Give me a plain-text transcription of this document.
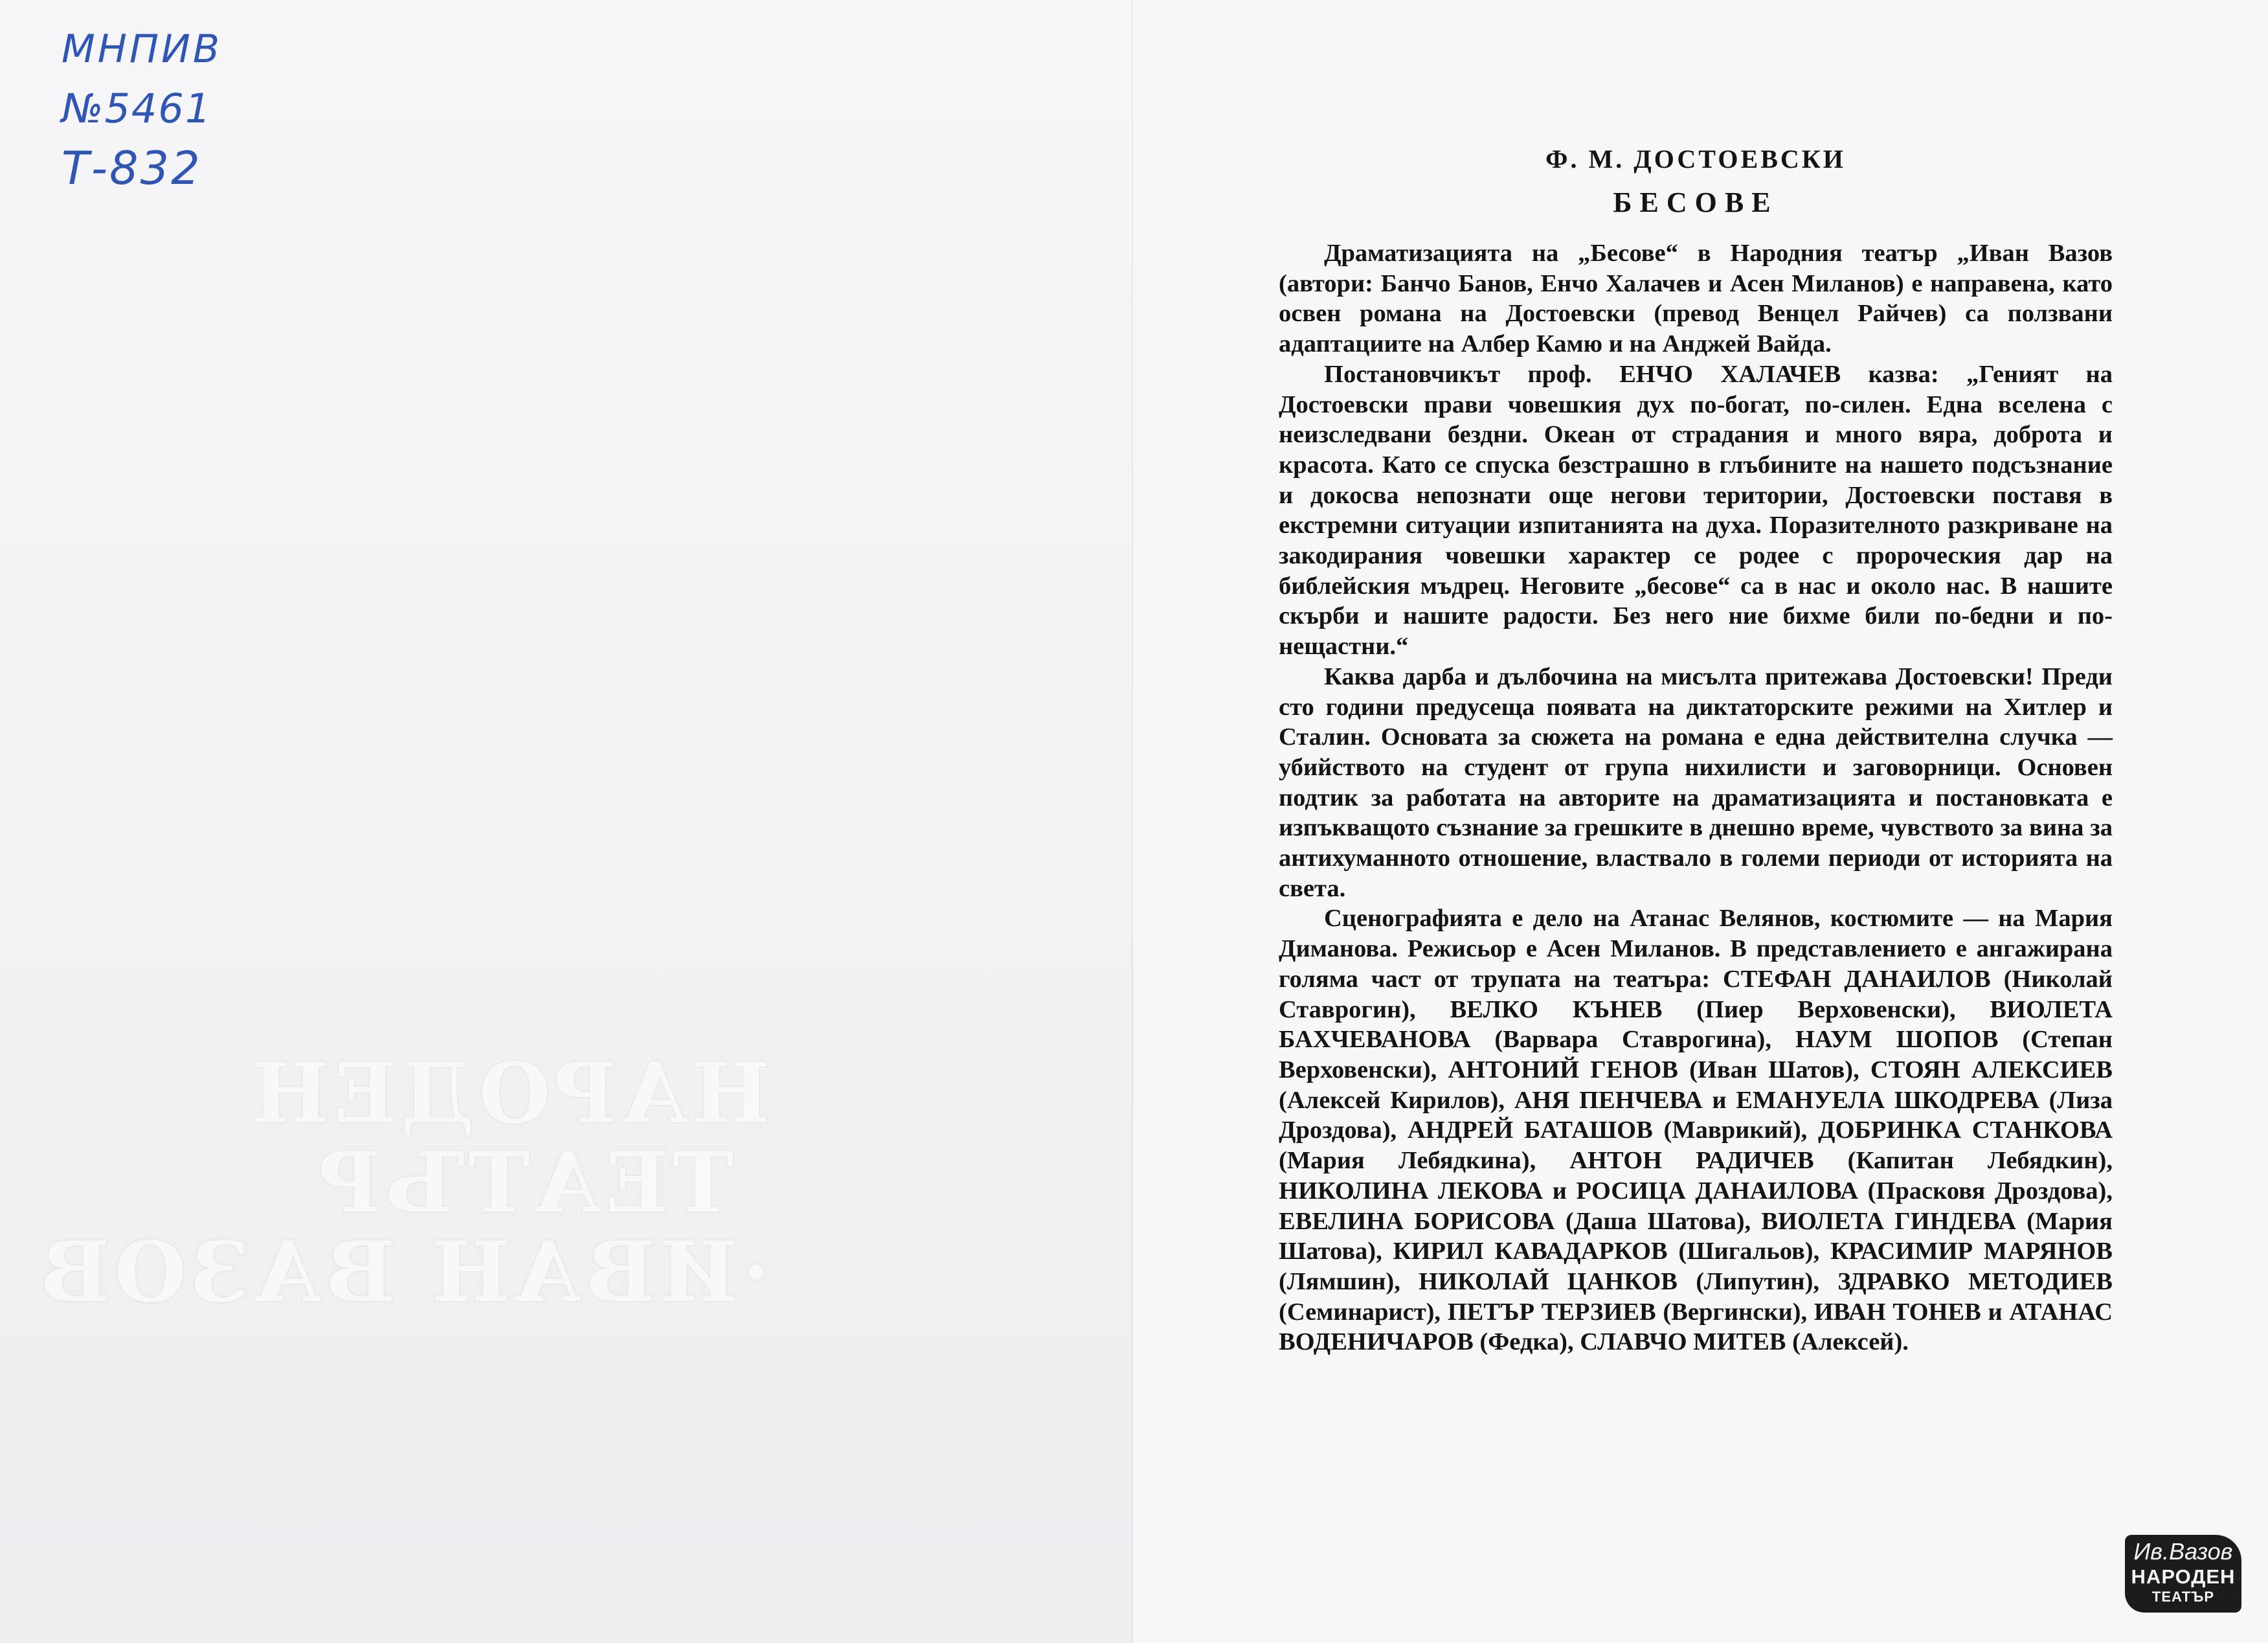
МНПИВ
№5461
Т-832
НАРОДЕН
ТЕАТЪР
·ИВАН ВАЗОВ
Ф. М. ДОСТОЕВСКИ
БЕСОВЕ

Драматизацията на „Бесове“ в Народния театър „Иван Вазов (автори: Банчо Банов, Енчо Халачев и Асен Миланов) е направена, като освен романа на Достоевски (превод Венцел Райчев) са ползвани адаптациите на Албер Камю и на Анджей Вайда.

Постановчикът проф. ЕНЧО ХАЛАЧЕВ казва: „Геният на Достоевски прави човешкия дух по-богат, по-силен. Една вселена с неизследвани бездни. Океан от страдания и много вяра, доброта и красота. Като се спуска безстрашно в глъбините на нашето подсъзнание и докосва непознати още негови територии, Достоевски поставя в екстремни ситуации изпитанията на духа. Поразителното разкриване на закодирания човешки характер се родее с пророческия дар на библейския мъдрец. Неговите „бесове“ са в нас и около нас. В нашите скърби и нашите радости. Без него ние бихме били по-бедни и по-нещастни.“

Каква дарба и дълбочина на мисълта притежава Достоевски! Преди сто години предусеща появата на диктаторските режими на Хитлер и Сталин. Основата за сюжета на романа е една действителна случка — убийството на студент от група нихилисти и заговорници. Основен подтик за работата на авторите на драматизацията и постановката е изпъкващото съзнание за грешките в днешно време, чувството за вина за антихуманното отношение, властвало в големи периоди от историята на света.

Сценографията е дело на Атанас Велянов, костюмите — на Мария Диманова. Режисьор е Асен Миланов. В представлението е ангажирана голяма част от трупата на театъра: СТЕФАН ДАНАИЛОВ (Николай Ставрогин), ВЕЛКО КЪНЕВ (Пиер Верховенски), ВИОЛЕТА БАХЧЕВАНОВА (Варвара Ставрогина), НАУМ ШОПОВ (Степан Верховенски), АНТОНИЙ ГЕНОВ (Иван Шатов), СТОЯН АЛЕКСИЕВ (Алексей Кирилов), АНЯ ПЕНЧЕВА и ЕМАНУЕЛА ШКОДРЕВА (Лиза Дроздова), АНДРЕЙ БАТАШОВ (Маврикий), ДОБРИНКА СТАНКОВА (Мария Лебядкина), АНТОН РАДИЧЕВ (Капитан Лебядкин), НИКОЛИНА ЛЕКОВА и РОСИЦА ДАНАИЛОВА (Прасковя Дроздова), ЕВЕЛИНА БОРИСОВА (Даша Шатова), ВИОЛЕТА ГИНДЕВА (Мария Шатова), КИРИЛ КАВАДАРКОВ (Шигальов), КРАСИМИР МАРЯНОВ (Лямшин), НИКОЛАЙ ЦАНКОВ (Липутин), ЗДРАВКО МЕТОДИЕВ (Семинарист), ПЕТЪР ТЕРЗИЕВ (Вергински), ИВАН ТОНЕВ и АТАНАС ВОДЕНИЧАРОВ (Федка), СЛАВЧО МИТЕВ (Алексей).

Ив.Вазов
НАРОДЕН
ТЕАТЪР
